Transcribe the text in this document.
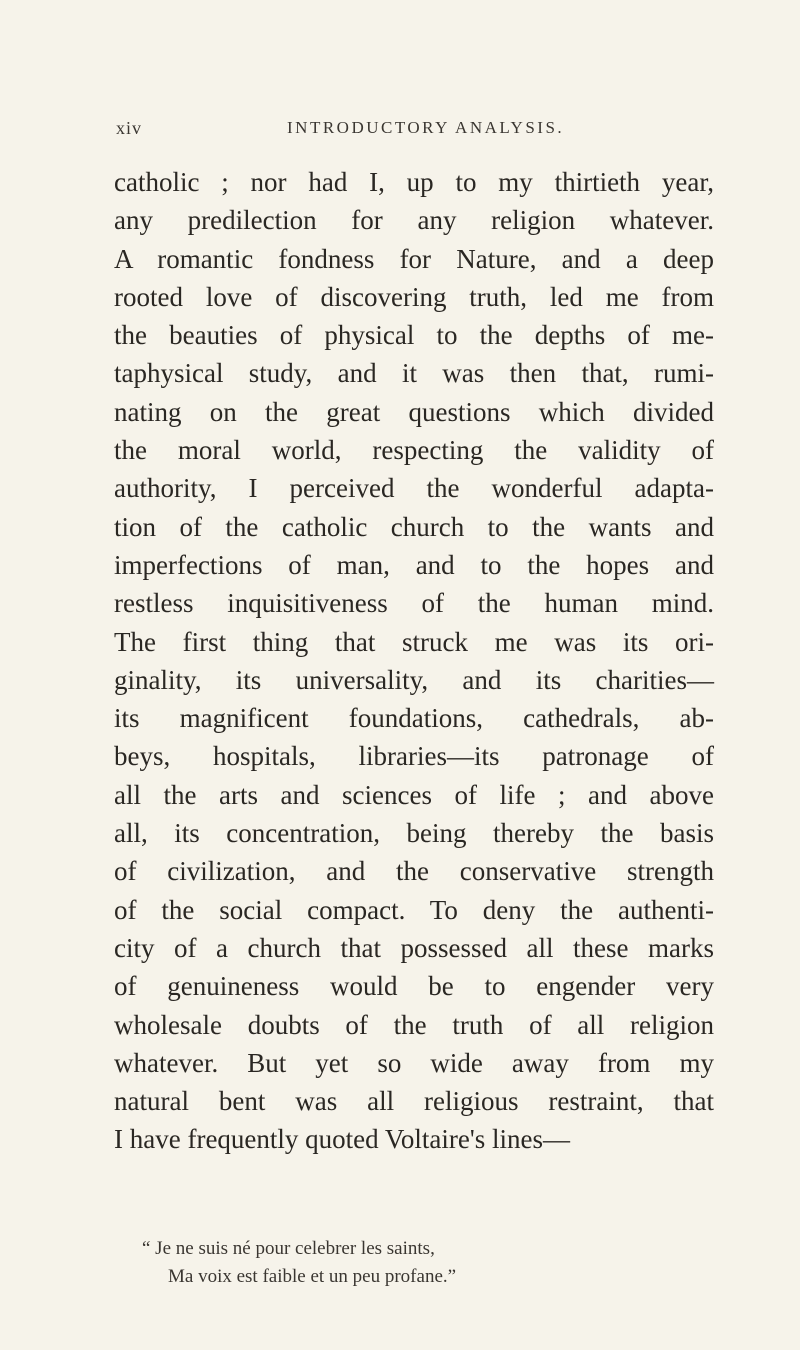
xiv	INTRODUCTORY ANALYSIS.
catholic ; nor had I, up to my thirtieth year,
any predilection for any religion whatever.
A romantic fondness for Nature, and a deep
rooted love of discovering truth, led me from
the beauties of physical to the depths of me-
taphysical study, and it was then that, rumi-
nating on the great questions which divided
the moral world, respecting the validity of
authority, I perceived the wonderful adapta-
tion of the catholic church to the wants and
imperfections of man, and to the hopes and
restless inquisitiveness of the human mind.
The first thing that struck me was its ori-
ginality, its universality, and its charities—
its magnificent foundations, cathedrals, ab-
beys, hospitals, libraries—its patronage of
all the arts and sciences of life ; and above
all, its concentration, being thereby the basis
of civilization, and the conservative strength
of the social compact. To deny the authenti-
city of a church that possessed all these marks
of genuineness would be to engender very
wholesale doubts of the truth of all religion
whatever. But yet so wide away from my
natural bent was all religious restraint, that
I have frequently quoted Voltaire's lines—
“ Je ne suis né pour celebrer les saints,
Ma voix est faible et un peu profane.”
